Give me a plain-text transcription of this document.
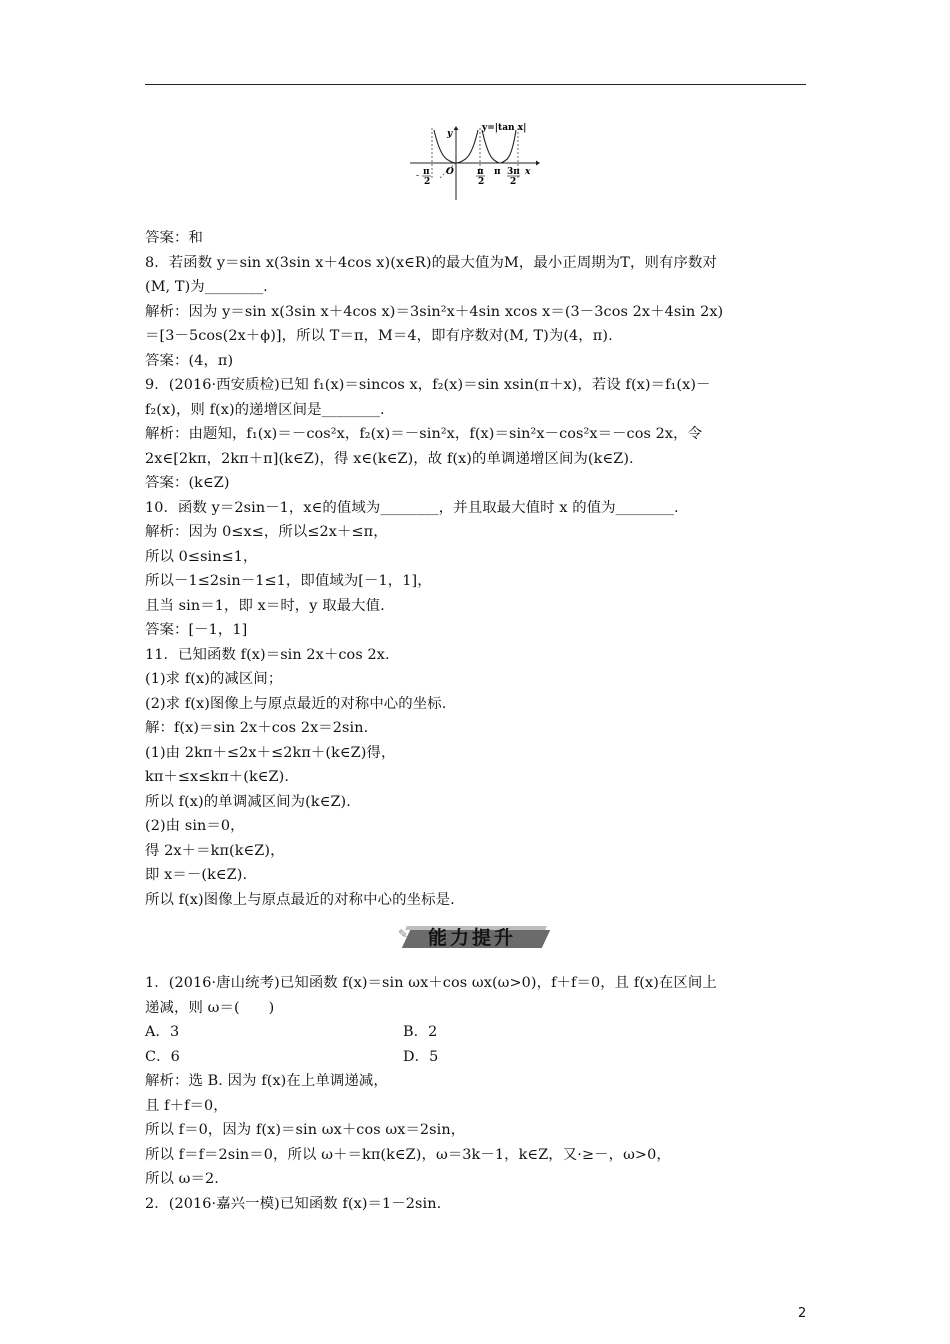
y
y=|tan x|
x
O
- π
2
π
2
π 3π
2
答案：和
8．若函数 y＝sin x(3sin x＋4cos x)(x∈R)的最大值为M，最小正周期为T，则有序数对
(M, T)为________.
解析：因为 y＝sin x(3sin x＋4cos x)＝3sin²x＋4sin xcos x＝(3－3cos 2x＋4sin 2x)
＝[3－5cos(2x＋ϕ)]，所以 T＝π，M＝4，即有序数对(M, T)为(4，π).
答案：(4，π)
9．(2016·西安质检)已知 f₁(x)＝sincos x，f₂(x)＝sin xsin(π＋x)，若设 f(x)＝f₁(x)－
f₂(x)，则 f(x)的递增区间是________.
解析：由题知，f₁(x)＝－cos²x，f₂(x)＝－sin²x，f(x)＝sin²x－cos²x＝－cos 2x，令
2x∈[2kπ，2kπ＋π](k∈Z)，得 x∈(k∈Z)，故 f(x)的单调递增区间为(k∈Z).
答案：(k∈Z)
10．函数 y＝2sin－1，x∈的值域为________，并且取最大值时 x 的值为________.
解析：因为 0≤x≤，所以≤2x＋≤π，
所以 0≤sin≤1，
所以－1≤2sin－1≤1，即值域为[－1，1]，
且当 sin＝1，即 x＝时，y 取最大值.
答案：[－1，1]
11．已知函数 f(x)＝sin 2x＋cos 2x.
(1)求 f(x)的减区间；
(2)求 f(x)图像上与原点最近的对称中心的坐标.
解：f(x)＝sin 2x＋cos 2x＝2sin.
(1)由 2kπ＋≤2x＋≤2kπ＋(k∈Z)得，
kπ＋≤x≤kπ＋(k∈Z).
所以 f(x)的单调减区间为(k∈Z).
(2)由 sin＝0，
得 2x＋＝kπ(k∈Z)，
即 x＝－(k∈Z).
所以 f(x)图像上与原点最近的对称中心的坐标是.
✎ 能力提升
1．(2016·唐山统考)已知函数 f(x)＝sin ωx＋cos ωx(ω>0)，f＋f＝0，且 f(x)在区间上
递减，则 ω＝(　　)

A．3

	B．2

C．6

	D．5

解析：选 B. 因为 f(x)在上单调递减，
且 f＋f＝0，
所以 f＝0，因为 f(x)＝sin ωx＋cos ωx＝2sin，
所以 f＝f＝2sin＝0，所以 ω＋＝kπ(k∈Z)，ω＝3k－1，k∈Z，又·≥－，ω>0，
所以 ω＝2.
2．(2016·嘉兴一模)已知函数 f(x)＝1－2sin.
2
